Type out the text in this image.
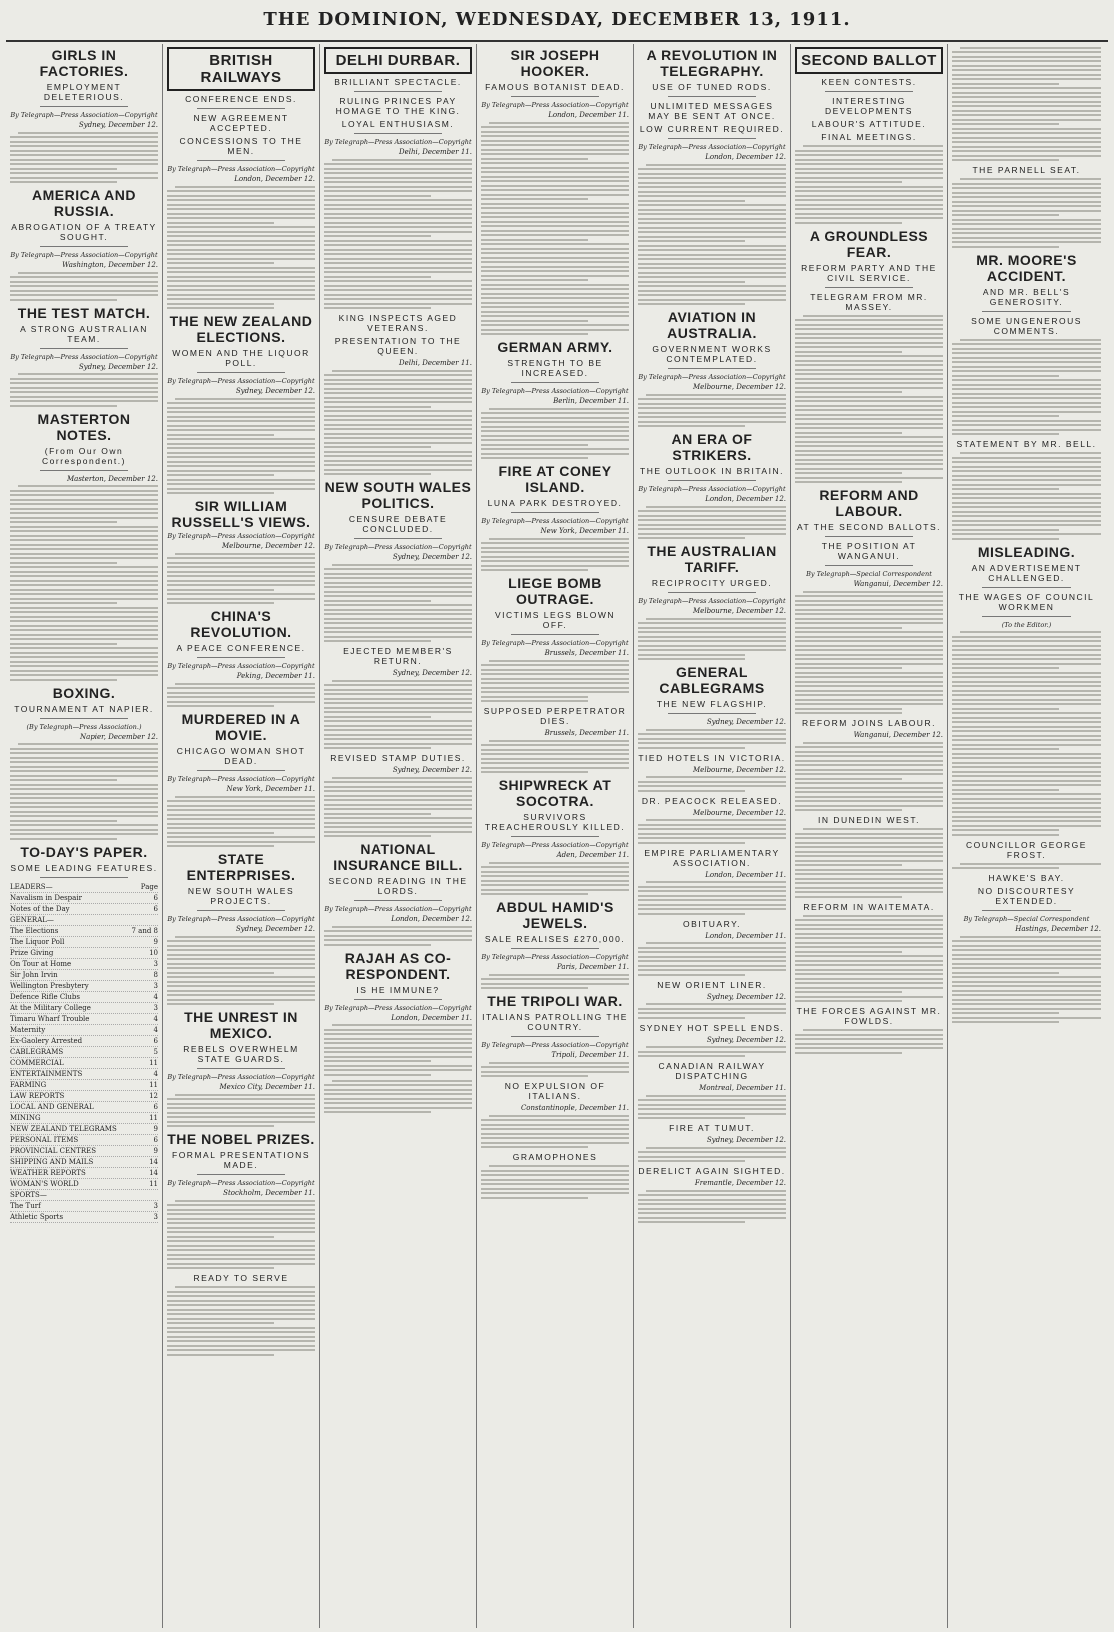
THE DOMINION, WEDNESDAY, DECEMBER 13, 1911.
GIRLS IN FACTORIES.
EMPLOYMENT DELETERIOUS.
By Telegraph—Press Association—Copyright
Sydney, December 12.
AMERICA AND RUSSIA.
ABROGATION OF A TREATY SOUGHT.
By Telegraph—Press Association—Copyright
Washington, December 12.
THE TEST MATCH.
A STRONG AUSTRALIAN TEAM.
By Telegraph—Press Association—Copyright
Sydney, December 12.
MASTERTON NOTES.
(From Our Own Correspondent.)
Masterton, December 12.
BOXING.
TOURNAMENT AT NAPIER.
(By Telegraph—Press Association.)
Napier, December 12.
TO-DAY'S PAPER.
SOME LEADING FEATURES.
LEADERS—	Page
Navalism in Despair	6
Notes of the Day	6
GENERAL—
The Elections	7 and 8
The Liquor Poll	9
Prize Giving	10
On Tour at Home	3
Sir John Irvin	8
Wellington Presbytery	3
Defence Rifle Clubs	4
At the Military College	3
Timaru Wharf Trouble	4
Maternity	4
Ex-Gaolery Arrested	6
CABLEGRAMS	5
COMMERCIAL	11
ENTERTAINMENTS	4
FARMING	11
LAW REPORTS	12
LOCAL AND GENERAL	6
MINING	11
NEW ZEALAND TELEGRAMS	9
PERSONAL ITEMS	6
PROVINCIAL CENTRES	9
SHIPPING AND MAILS	14
WEATHER REPORTS	14
WOMAN'S WORLD	11
SPORTS—
The Turf	3
Athletic Sports	3
BRITISH RAILWAYS
CONFERENCE ENDS.
NEW AGREEMENT ACCEPTED.
CONCESSIONS TO THE MEN.
By Telegraph—Press Association—Copyright
London, December 12.
THE NEW ZEALAND ELECTIONS.
WOMEN AND THE LIQUOR POLL.
By Telegraph—Press Association—Copyright
Sydney, December 12.
SIR WILLIAM RUSSELL'S VIEWS.
By Telegraph—Press Association—Copyright
Melbourne, December 12.
CHINA'S REVOLUTION.
A PEACE CONFERENCE.
By Telegraph—Press Association—Copyright
Peking, December 11.
MURDERED IN A MOVIE.
CHICAGO WOMAN SHOT DEAD.
By Telegraph—Press Association—Copyright
New York, December 11.
STATE ENTERPRISES.
NEW SOUTH WALES PROJECTS.
By Telegraph—Press Association—Copyright
Sydney, December 12.
THE UNREST IN MEXICO.
REBELS OVERWHELM STATE GUARDS.
By Telegraph—Press Association—Copyright
Mexico City, December 11.
THE NOBEL PRIZES.
FORMAL PRESENTATIONS MADE.
By Telegraph—Press Association—Copyright
Stockholm, December 11.
READY TO SERVE
DELHI DURBAR.
BRILLIANT SPECTACLE.
RULING PRINCES PAY HOMAGE TO THE KING.
LOYAL ENTHUSIASM.
By Telegraph—Press Association—Copyright
Delhi, December 11.
KING INSPECTS AGED VETERANS.
PRESENTATION TO THE QUEEN.
Delhi, December 11.
NEW SOUTH WALES POLITICS.
CENSURE DEBATE CONCLUDED.
By Telegraph—Press Association—Copyright
Sydney, December 12.
EJECTED MEMBER'S RETURN.
Sydney, December 12.
REVISED STAMP DUTIES.
Sydney, December 12.
NATIONAL INSURANCE BILL.
SECOND READING IN THE LORDS.
By Telegraph—Press Association—Copyright
London, December 12.
RAJAH AS CO-RESPONDENT.
IS HE IMMUNE?
By Telegraph—Press Association—Copyright
London, December 11.
SIR JOSEPH HOOKER.
FAMOUS BOTANIST DEAD.
By Telegraph—Press Association—Copyright
London, December 11.
GERMAN ARMY.
STRENGTH TO BE INCREASED.
By Telegraph—Press Association—Copyright
Berlin, December 11.
FIRE AT CONEY ISLAND.
LUNA PARK DESTROYED.
By Telegraph—Press Association—Copyright
New York, December 11.
LIEGE BOMB OUTRAGE.
VICTIMS LEGS BLOWN OFF.
By Telegraph—Press Association—Copyright
Brussels, December 11.
SUPPOSED PERPETRATOR DIES.
Brussels, December 11.
SHIPWRECK AT SOCOTRA.
SURVIVORS TREACHEROUSLY KILLED.
By Telegraph—Press Association—Copyright
Aden, December 11.
ABDUL HAMID'S JEWELS.
SALE REALISES £270,000.
By Telegraph—Press Association—Copyright
Paris, December 11.
THE TRIPOLI WAR.
ITALIANS PATROLLING THE COUNTRY.
By Telegraph—Press Association—Copyright
Tripoli, December 11.
NO EXPULSION OF ITALIANS.
Constantinople, December 11.
GRAMOPHONES
A REVOLUTION IN TELEGRAPHY.
USE OF TUNED RODS.
UNLIMITED MESSAGES MAY BE SENT AT ONCE.
LOW CURRENT REQUIRED.
By Telegraph—Press Association—Copyright
London, December 12.
AVIATION IN AUSTRALIA.
GOVERNMENT WORKS CONTEMPLATED.
By Telegraph—Press Association—Copyright
Melbourne, December 12.
AN ERA OF STRIKERS.
THE OUTLOOK IN BRITAIN.
By Telegraph—Press Association—Copyright
London, December 12.
THE AUSTRALIAN TARIFF.
RECIPROCITY URGED.
By Telegraph—Press Association—Copyright
Melbourne, December 12.
GENERAL CABLEGRAMS
THE NEW FLAGSHIP.
Sydney, December 12.
TIED HOTELS IN VICTORIA.
Melbourne, December 12.
DR. PEACOCK RELEASED.
Melbourne, December 12.
EMPIRE PARLIAMENTARY ASSOCIATION.
London, December 11.
OBITUARY.
London, December 11.
NEW ORIENT LINER.
Sydney, December 12.
SYDNEY HOT SPELL ENDS.
Sydney, December 12.
CANADIAN RAILWAY DISPATCHING
Montreal, December 11.
FIRE AT TUMUT.
Sydney, December 12.
DERELICT AGAIN SIGHTED.
Fremantle, December 12.
SECOND BALLOT
KEEN CONTESTS.
INTERESTING DEVELOPMENTS
LABOUR'S ATTITUDE.
FINAL MEETINGS.
A GROUNDLESS FEAR.
REFORM PARTY AND THE CIVIL SERVICE.
TELEGRAM FROM MR. MASSEY.
REFORM AND LABOUR.
AT THE SECOND BALLOTS.
THE POSITION AT WANGANUI.
By Telegraph—Special Correspondent
Wanganui, December 12.
REFORM JOINS LABOUR.
Wanganui, December 12.
IN DUNEDIN WEST.
REFORM IN WAITEMATA.
THE FORCES AGAINST MR. FOWLDS.
THE PARNELL SEAT.
MR. MOORE'S ACCIDENT.
AND MR. BELL'S GENEROSITY.
SOME UNGENEROUS COMMENTS.
STATEMENT BY MR. BELL.
MISLEADING.
AN ADVERTISEMENT CHALLENGED.
THE WAGES OF COUNCIL WORKMEN
(To the Editor.)
COUNCILLOR GEORGE FROST.
HAWKE'S BAY.
NO DISCOURTESY EXTENDED.
By Telegraph—Special Correspondent
Hastings, December 12.
